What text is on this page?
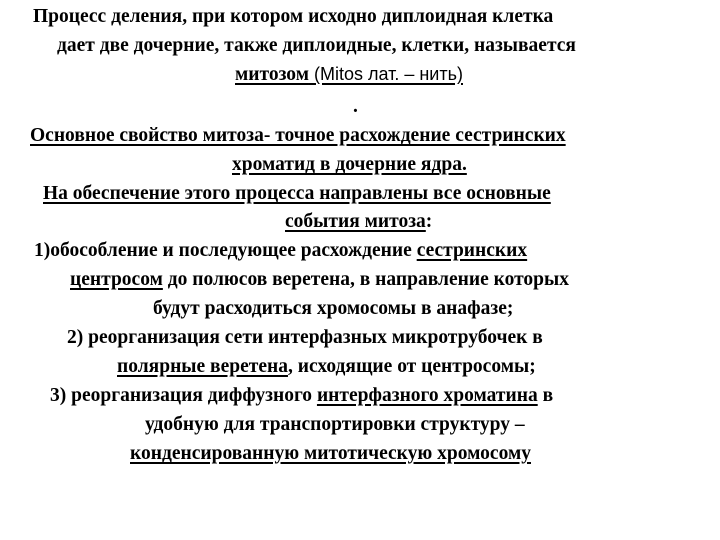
Процесс деления, при котором исходно диплоидная клетка
дает две дочерние, также диплоидные, клетки, называется
митозом (Mitos лат. – нить)
.
Основное свойство митоза- точное расхождение сестринских
хроматид в дочерние ядра.
На обеспечение этого процесса направлены все основные
события митоза:
1)обособление и последующее расхождение сестринских
центросом до полюсов веретена, в направление которых
будут расходиться хромосомы в анафазе;
2) реорганизация сети интерфазных микротрубочек в
полярные веретена, исходящие от центросомы;
3) реорганизация диффузного интерфазного хроматина в
удобную для транспортировки структуру –
конденсированную митотическую хромосому
